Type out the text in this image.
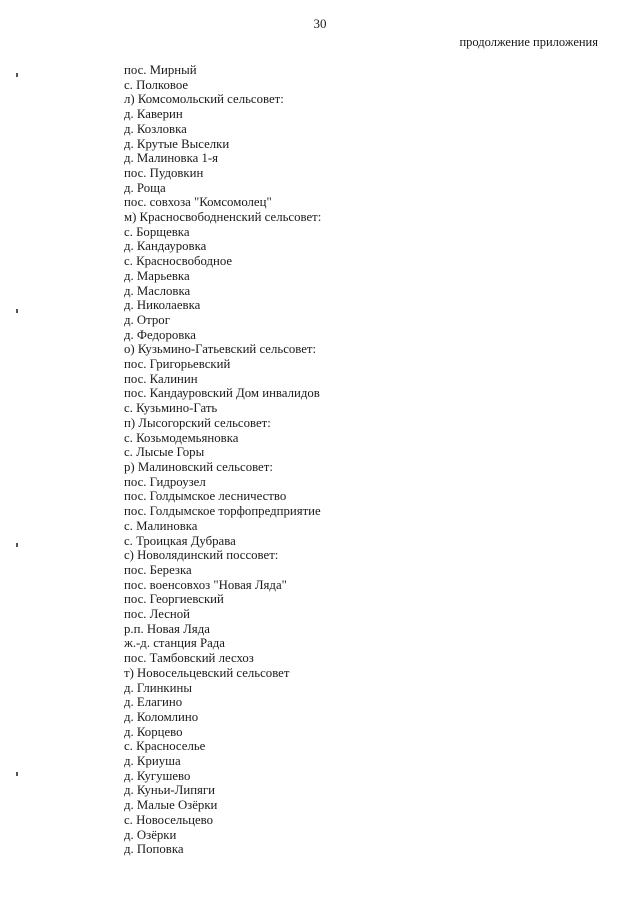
30
продолжение приложения
пос. Мирный
с. Полковое
л) Комсомольский сельсовет:
д. Каверин
д. Козловка
д. Крутые Выселки
д. Малиновка 1-я
пос. Пудовкин
д. Роща
пос. совхоза "Комсомолец"
м) Красносвободненский сельсовет:
с. Борщевка
д. Кандауровка
с. Красносвободное
д. Марьевка
д. Масловка
д. Николаевка
д. Отрог
д. Федоровка
о) Кузьмино-Гатьевский сельсовет:
пос. Григорьевский
пос. Калинин
пос. Кандауровский Дом инвалидов
с. Кузьмино-Гать
п) Лысогорский сельсовет:
с. Козьмодемьяновка
с. Лысые Горы
р) Малиновский сельсовет:
пос. Гидроузел
пос. Голдымское лесничество
пос. Голдымское торфопредприятие
с. Малиновка
с. Троицкая Дубрава
с) Новолядинский поссовет:
пос. Березка
пос. военсовхоз "Новая Ляда"
пос. Георгиевский
пос. Лесной
р.п. Новая Ляда
ж.-д. станция Рада
пос. Тамбовский лесхоз
т) Новосельцевский сельсовет
д. Глинкины
д. Елагино
д. Коломлино
д. Корцево
с. Красноселье
д. Криуша
д. Кугушево
д. Куньи-Липяги
д. Малые Озёрки
с. Новосельцево
д. Озёрки
д. Поповка
